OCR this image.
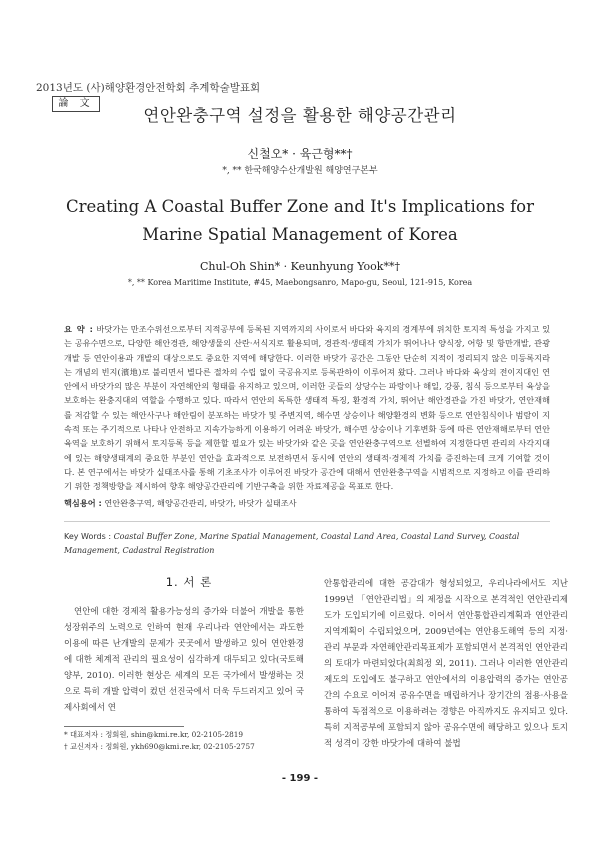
2013년도 (사)해양환경안전학회 추계학술발표회
論 文
연안완충구역 설정을 활용한 해양공간관리
신철오* · 육근형**†
*, ** 한국해양수산개발원 해양연구본부
Creating A Coastal Buffer Zone and It's Implications for Marine Spatial Management of Korea
Chul-Oh Shin* · Keunhyung Yook**†
*, ** Korea Maritime Institute, #45, Maebongsanro, Mapo-gu, Seoul, 121-915, Korea
요 약 : 바닷가는 만조수위선으로부터 지적공부에 등록된 지역까지의 사이로서 바다와 육지의 경계부에 위치한 토지적 특성을 가지고 있는 공유수면으로, 다양한 해안경관, 해양생물의 산란·서식지로 활용되며, 경관적·생태적 가치가 뛰어나나 양식장, 어항 및 항만개발, 관광개발 등 연안이용과 개발의 대상으로도 중요한 지역에 해당한다. 이러한 바닷가 공간은 그동안 단순히 지적이 정리되지 않은 미등록지라는 개념의 빈지(濱地)로 불리면서 별다른 절차의 수립 없이 국공유지로 등록관하이 이루어져 왔다. 그러나 바다와 육상의 전이지대인 연안에서 바닷가의 많은 부분이 자연해안의 형태를 유지하고 있으며, 이러한 곳들의 상당수는 파랑이나 해일, 강풍, 침식 등으로부터 육상을 보호하는 완충지대의 역할을 수행하고 있다. 따라서 연안의 독특한 생태적 특징, 환경적 가치, 뛰어난 해안경관을 가진 바닷가, 연안재해를 저감할 수 있는 해안사구나 해안림이 분포하는 바닷가 및 주변지역, 해수면 상승이나 해양환경의 변화 등으로 연안침식이나 범람이 지속적 또는 주기적으로 나타나 안전하고 지속가능하게 이용하기 어려운 바닷가, 해수면 상승이나 기후변화 등에 따른 연안재해로부터 연안육역을 보호하기 위해서 토지등록 등을 제한할 필요가 있는 바닷가와 같은 곳을 연안완충구역으로 선별하여 지정한다면 관리의 사각지대에 있는 해양생태계의 중요한 부분인 연안을 효과적으로 보전하면서 동시에 연안의 생태적·경제적 가치를 증진하는데 크게 기여할 것이다. 본 연구에서는 바닷가 실태조사를 통해 기초조사가 이루어진 바닷가 공간에 대해서 연안완충구역을 시범적으로 지정하고 이를 관리하기 위한 정책방향을 제시하여 향후 해양공간관리에 기반구축을 위한 자료제공을 목표로 한다.
핵심용어 : 연안완충구역, 해양공간관리, 바닷가, 바닷가 실태조사
Key Words : Coastal Buffer Zone, Marine Spatial Management, Coastal Land Area, Coastal Land Survey, Coastal Management, Cadastral Registration
1. 서 론
연안에 대한 경제적 활용가능성의 증가와 더불어 개발을 통한 성장위주의 노력으로 인하여 현재 우리나라 연안에서는 과도한 이용에 따른 난개발의 문제가 곳곳에서 발생하고 있어 연안환경에 대한 체계적 관리의 필요성이 심각하게 대두되고 있다(국토해양부, 2010). 이러한 현상은 세계의 모든 국가에서 발생하는 것으로 특히 개발 압력이 컸던 선진국에서 더욱 두드러지고 있어 국제사회에서 연
안통합관리에 대한 공감대가 형성되었고, 우리나라에서도 지난 1999년 「연안관리법」의 제정을 시작으로 본격적인 연안관리제도가 도입되기에 이르렀다. 이어서 연안통합관리계획과 연안관리지역계획이 수립되었으며, 2009년에는 연안용도해역 등의 지정·관리 부문과 자연해안관리목표제가 포함되면서 본격적인 연안관리의 토대가 마련되었다(최희정 외, 2011). 그러나 이러한 연안관리제도의 도입에도 불구하고 연안에서의 이용압력의 증가는 연안공간의 수요로 이어져 공유수면을 매립하거나 장기간의 점용·사용을 통하여 독점적으로 이용하려는 경향은 아직까지도 유지되고 있다. 특히 지적공부에 포함되지 않아 공유수면에 해당하고 있으나 토지적 성격이 강한 바닷가에 대하여 불법
* 대표저자 : 정회원, shin@kmi.re.kr, 02-2105-2819
† 교신저자 : 정회원, ykh690@kmi.re.kr, 02-2105-2757
- 199 -
